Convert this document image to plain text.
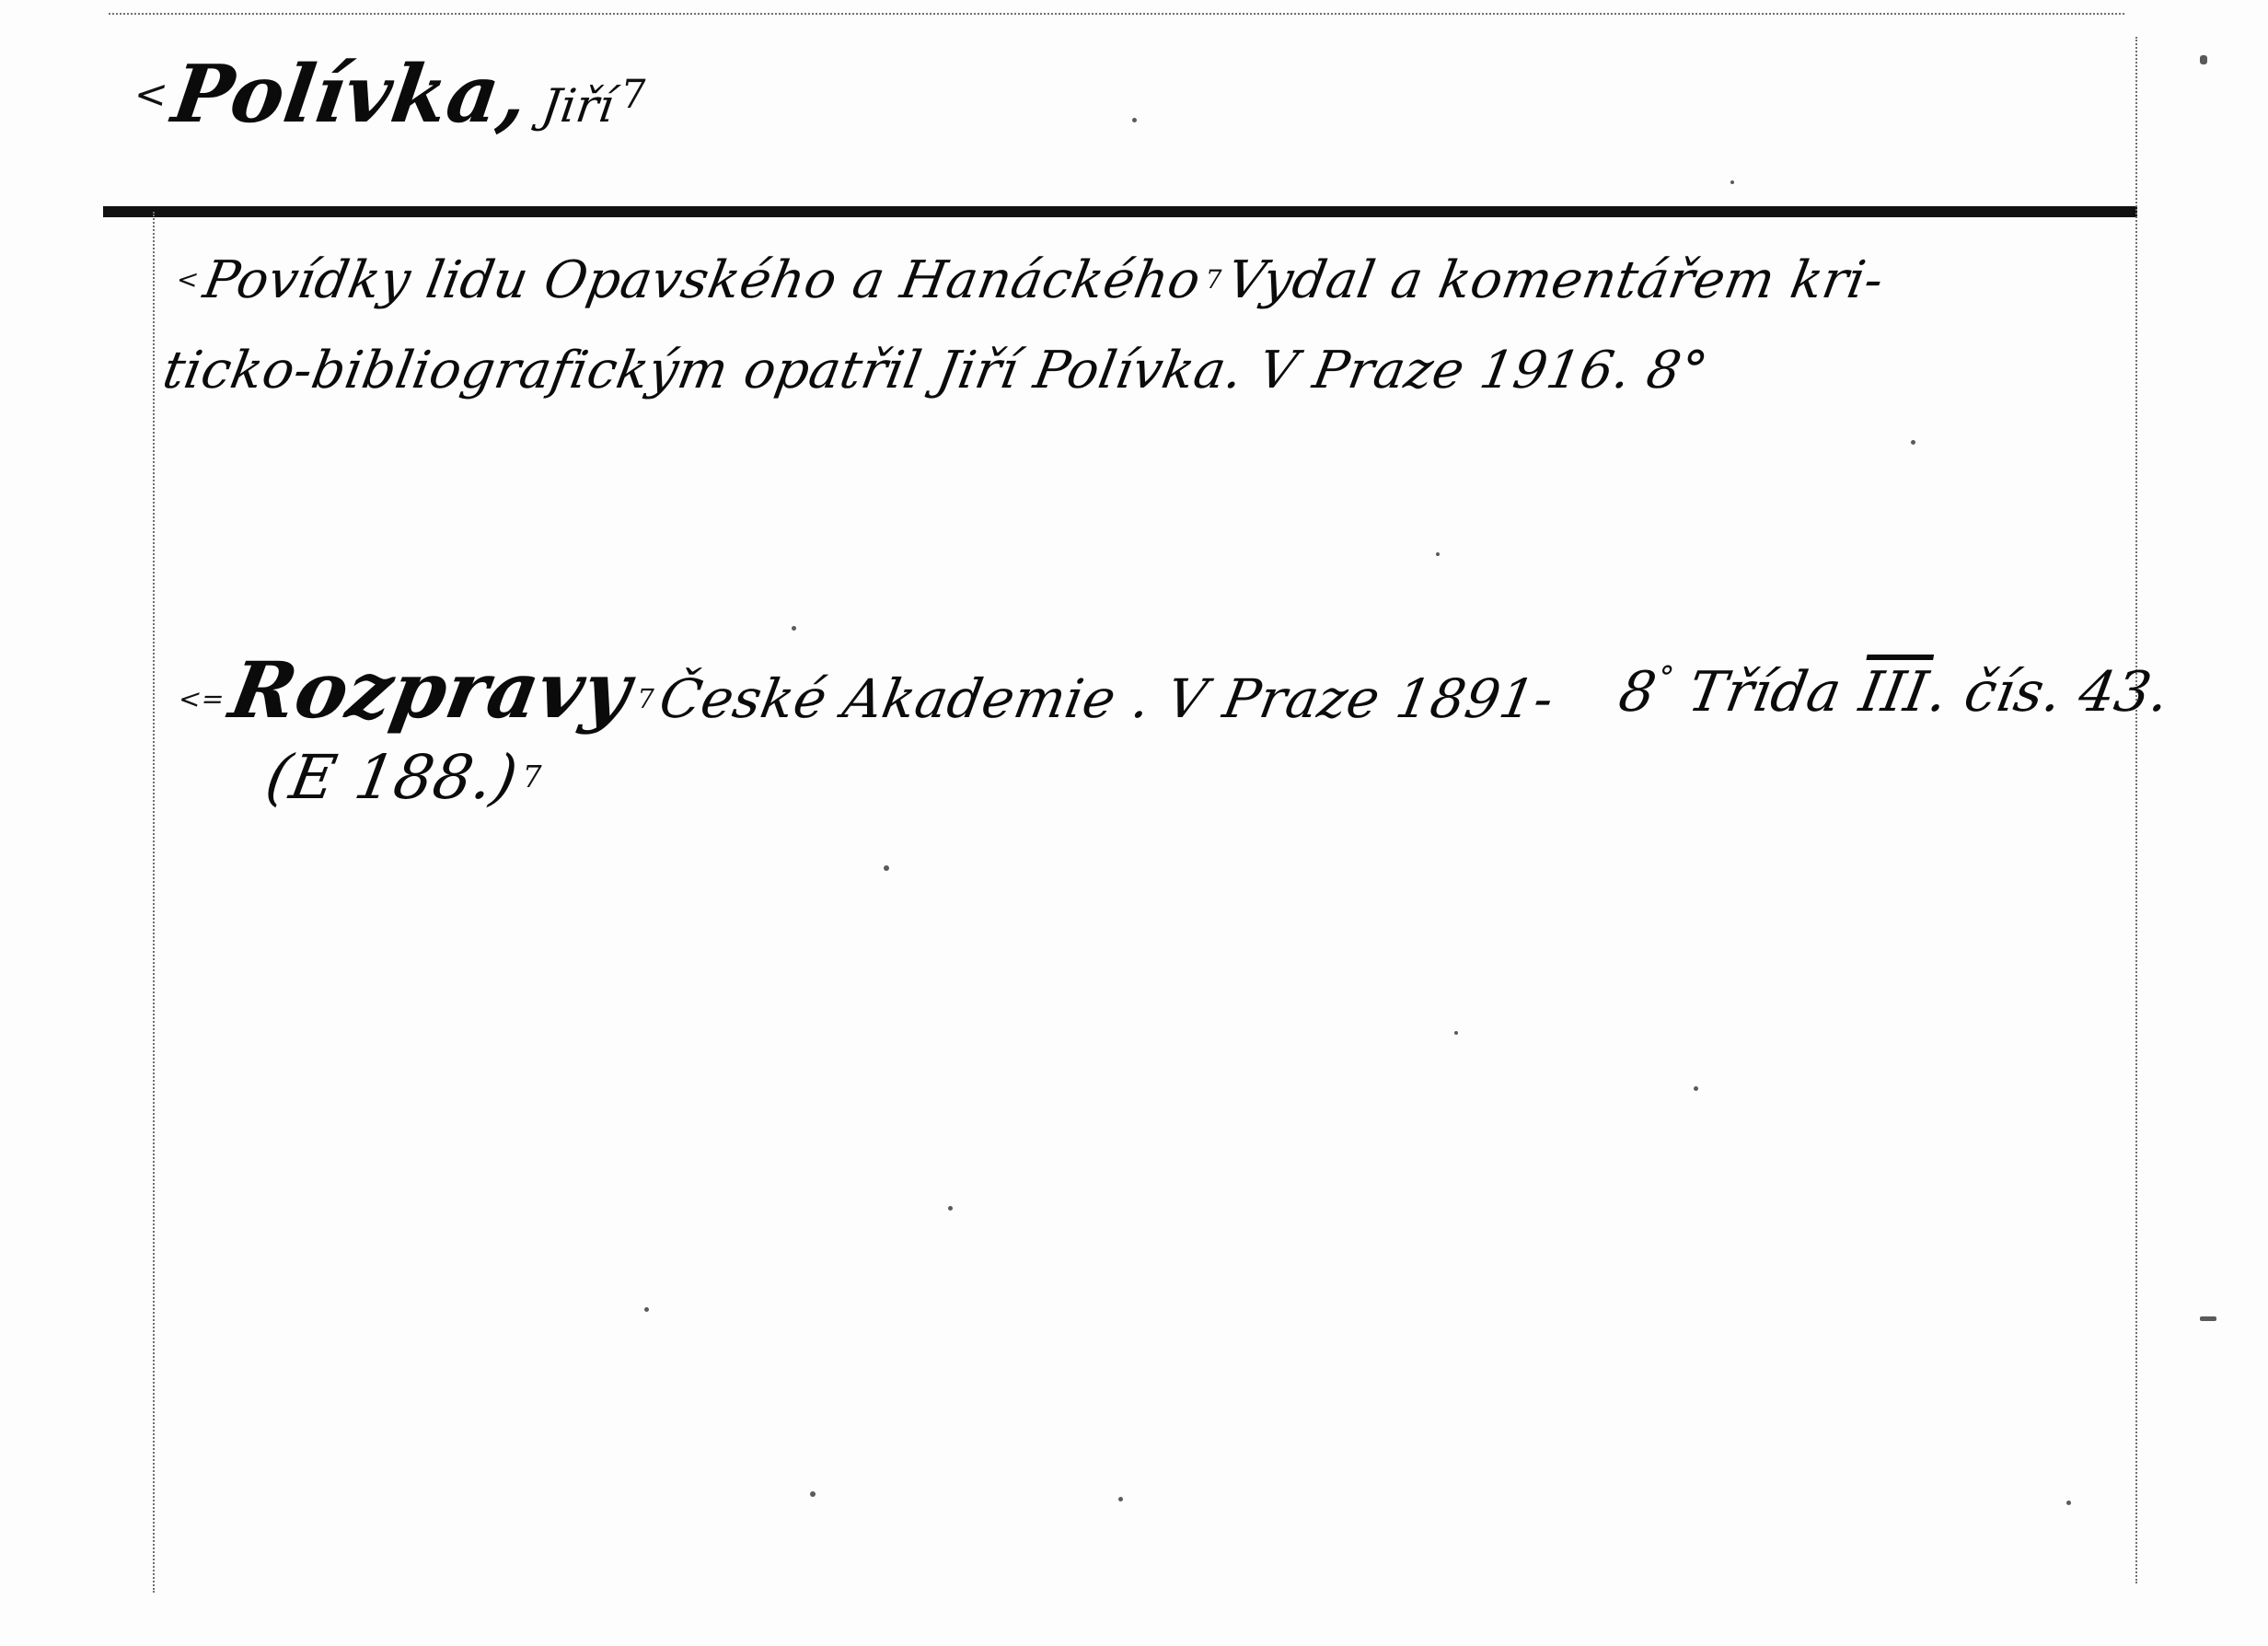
<Polívka, Jiří7
<Povídky lidu Opavského a Hanáckého7Vydal a komentářem kri-
ticko-bibliografickým opatřil Jiří Polívka. V Praze 1916. 8°
<=Rozpravy7České Akademie . V Praze 1891-
(E 188.)7
8° Třída $\overline{III}$. čís. 43.
